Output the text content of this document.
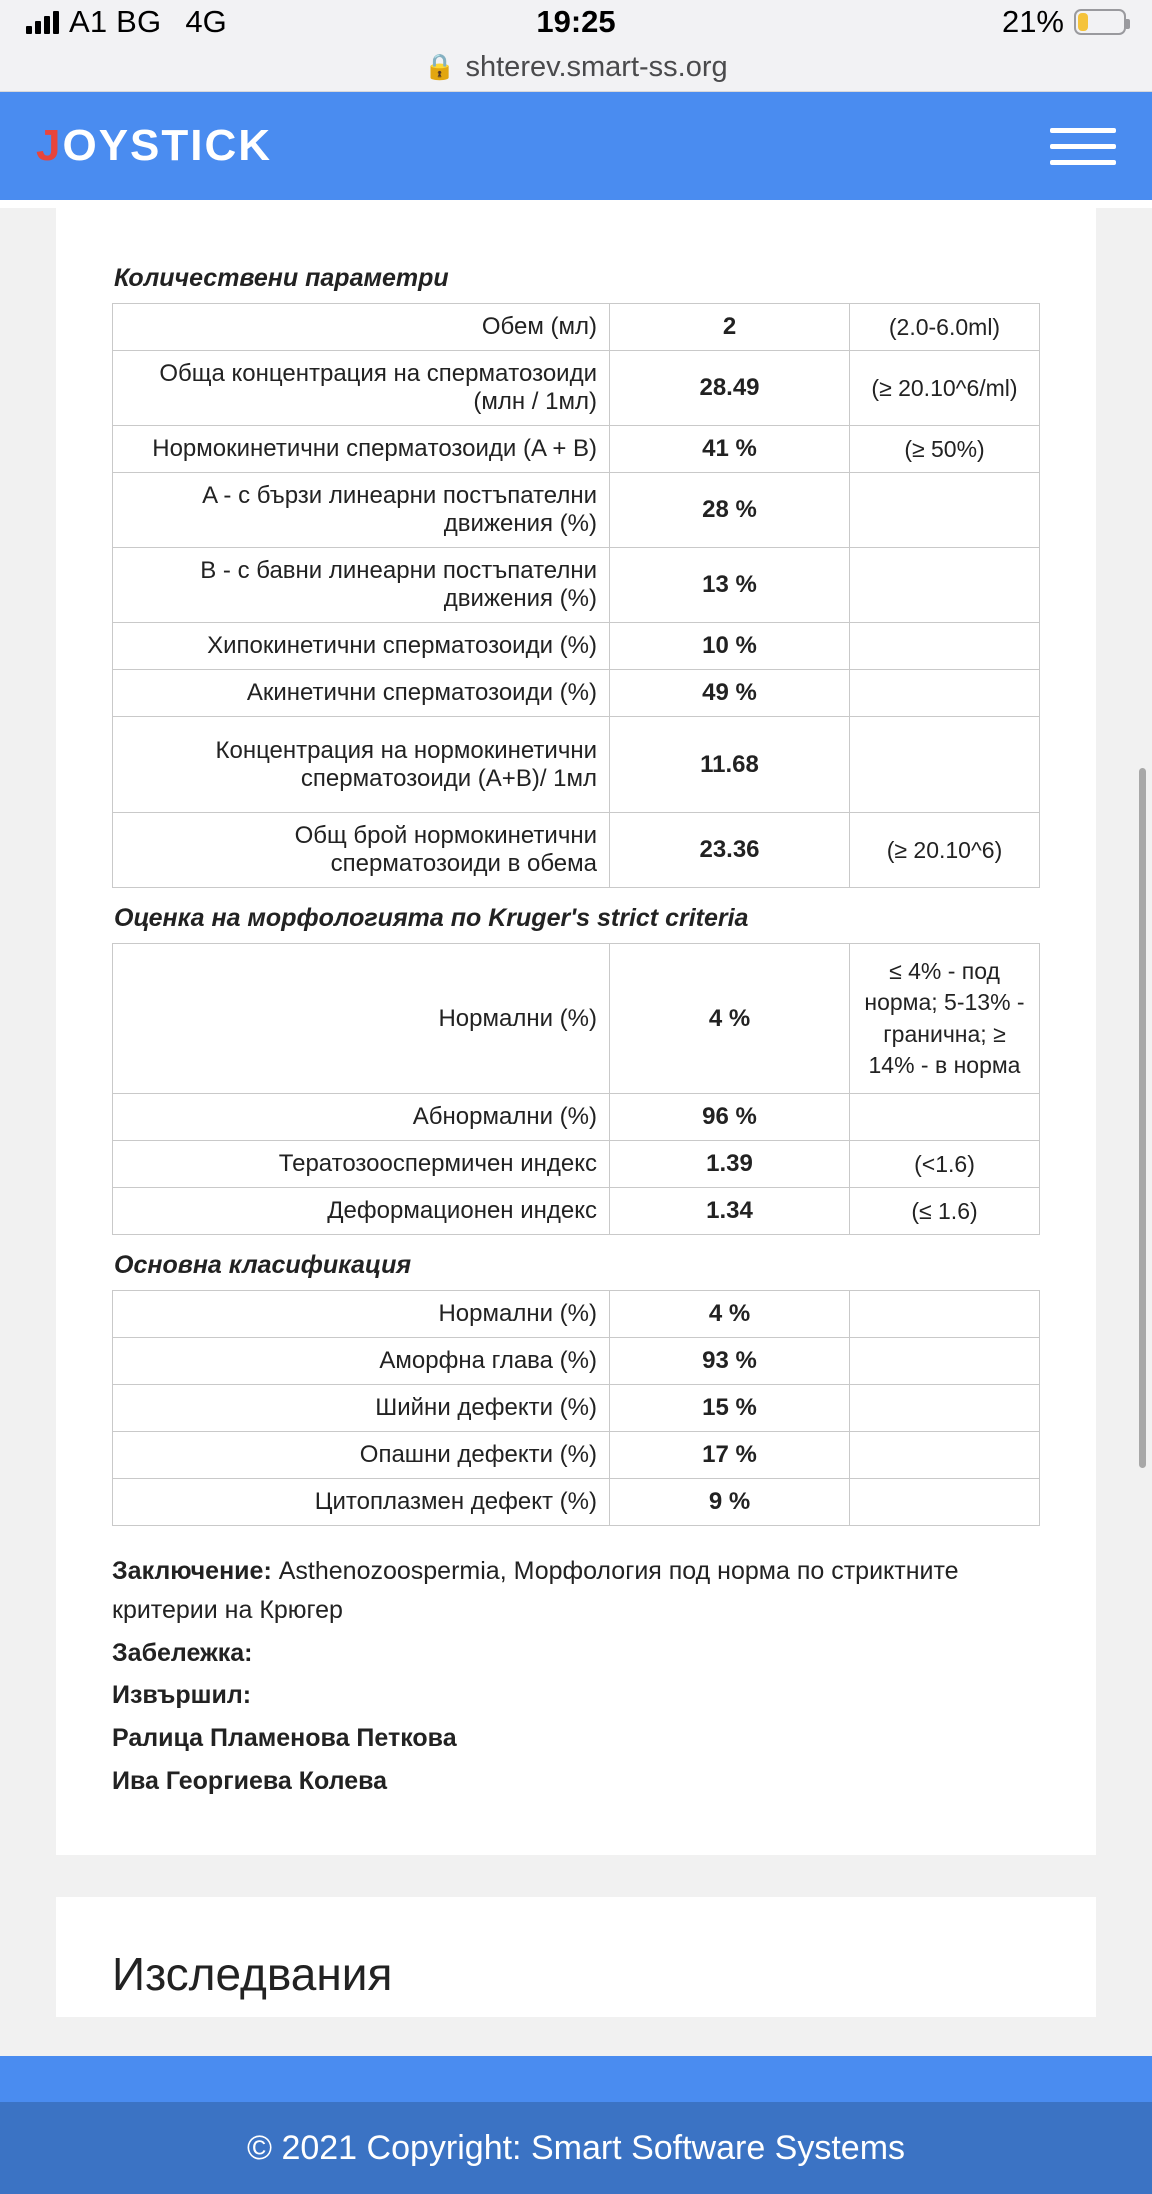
A1 BG 4G	19:25	21%
🔒 shterev.smart-ss.org
JOYSTICK
Количествени параметри
Обем (мл)	2	(2.0-6.0ml)
Обща концентрация на спермaтозоиди (млн / 1мл)	28.49	(≥ 20.10^6/ml)
Нормокинетични спермaтозоиди (A + B)	41 %	(≥ 50%)
A - с бързи линеарни постъпателни движения (%)	28 %	
B - с бавни линеарни постъпателни движения (%)	13 %	
Хипокинетични спермaтозоиди (%)	10 %	
Акинетични спермaтозоиди (%)	49 %	
Концентрация на нормокинетични спермaтозоиди (A+B)/ 1мл	11.68	
Общ брой нормокинетични спермaтозоиди в обема	23.36	(≥ 20.10^6)
Оценка на морфологията по Kruger's strict criteria
Нормални (%)	4 %	≤ 4% - под норма; 5-13% - гранична; ≥ 14% - в норма
Абнормални (%)	96 %	
Тератозооспермичен индекс	1.39	(<1.6)
Деформационен индекс	1.34	(≤ 1.6)
Основна класификация
Нормални (%)	4 %	
Аморфна глава (%)	93 %	
Шийни дефекти (%)	15 %	
Опашни дефекти (%)	17 %	
Цитоплазмен дефект (%)	9 %	
Заключение: Asthenozoospermia, Морфология под норма по стриктните критерии на Крюгер
Забележка:
Извършил:
Ралица Пламенова Петкова
Ива Георгиева Колева
Изследвания
© 2021 Copyright: Smart Software Systems
